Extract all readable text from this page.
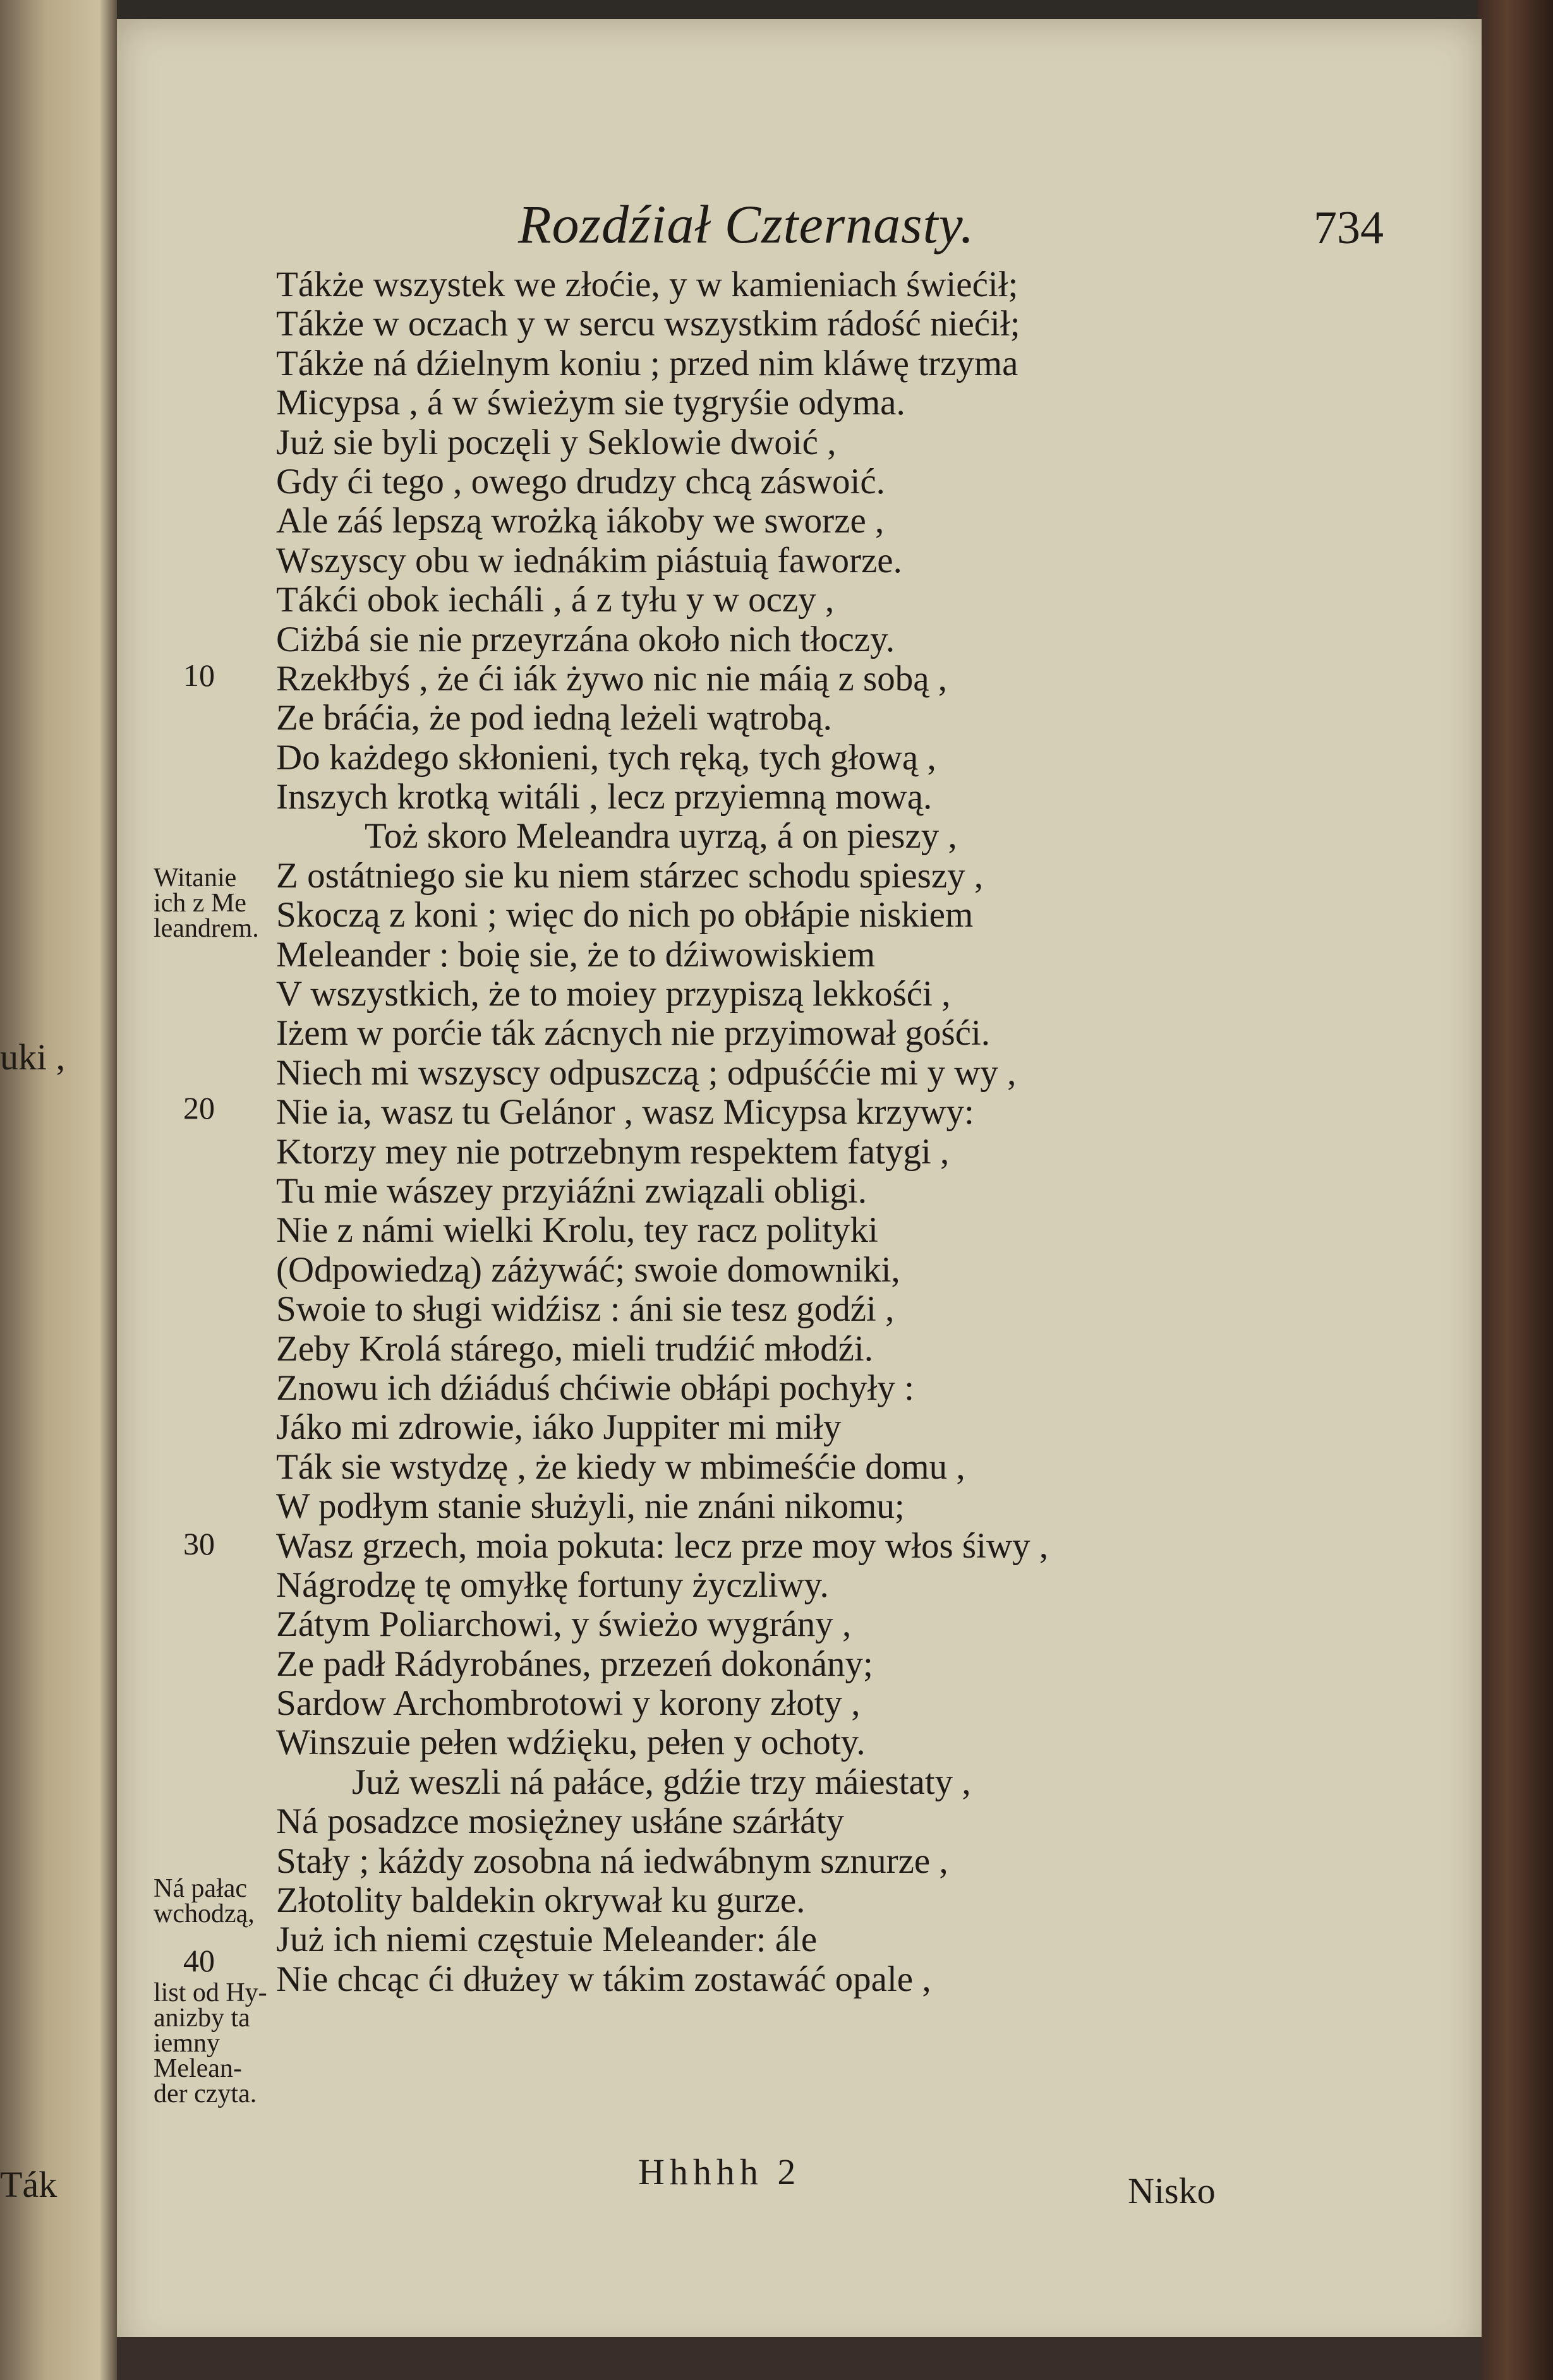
uki ,
Ták
Rozdźiał Czternasty.	734
Tákże wszystek we złoćie, y w kamieniach świećił;
Tákże w oczach y w sercu wszystkim rádość niećił;
Tákże ná dźielnym koniu ; przed nim kláwę trzyma
Micypsa , á w świeżym sie tygryśie odyma.
Już sie byli poczęli y Seklowie dwoić ,
Gdy ći tego , owego drudzy chcą záswoić.
Ale záś lepszą wrożką iákoby we sworze ,
Wszyscy obu w iednákim piástuią faworze.
Tákći obok iecháli , á z tyłu y w oczy ,
Ciżbá sie nie przeyrzána około nich tłoczy.
Rzekłbyś , że ći iák żywo nic nie máią z sobą ,
Ze bráćia, że pod iedną leżeli wątrobą.
Do każdego skłonieni, tych ręką, tych głową ,
Inszych krotką witáli , lecz przyiemną mową.
Toż skoro Meleandra uyrzą, á on pieszy ,
Z ostátniego sie ku niem stárzec schodu spieszy ,
Skoczą z koni ; więc do nich po obłápie niskiem
Meleander : boię sie, że to dźiwowiskiem
V wszystkich, że to moiey przypiszą lekkośći ,
Iżem w porćie ták zácnych nie przyimował gośći.
Niech mi wszyscy odpuszczą ; odpuśććie mi y wy ,
Nie ia, wasz tu Gelánor , wasz Micypsa krzywy:
Ktorzy mey nie potrzebnym respektem fatygi ,
Tu mie wászey przyiáźni związali obligi.
Nie z námi wielki Krolu, tey racz polityki
(Odpowiedzą) záżywáć; swoie domowniki,
Swoie to sługi widźisz : áni sie tesz godźi ,
Zeby Krolá stárego, mieli trudźić młodźi.
Znowu ich dźiáduś chćiwie obłápi pochyły :
Jáko mi zdrowie, iáko Juppiter mi miły
Ták sie wstydzę , że kiedy w mbimeśćie domu ,
W podłym stanie służyli, nie znáni nikomu;
Wasz grzech, moia pokuta: lecz prze moy włos śiwy ,
Nágrodzę tę omyłkę fortuny życzliwy.
Zátym Poliarchowi, y świeżo wygrány ,
Ze padł Rádyrobánes, przezeń dokonány;
Sardow Archombrotowi y korony złoty ,
Winszuie pełen wdźięku, pełen y ochoty.
Już weszli ná pałáce, gdźie trzy máiestaty ,
Ná posadzce mosiężney usłáne szárłáty
Stały ; káżdy zosobna ná iedwábnym sznurze ,
Złotolity baldekin okrywał ku gurze.
Już ich niemi częstuie Meleander: ále
Nie chcąc ći dłużey w tákim zostawáć opale ,
10
20
30
40
Witanie
ich z Me
leandrem.
Ná pałac
wchodzą,
list od Hy-
anizby ta
iemny
Melean-
der czyta.
Hhhhh 2	Nisko
